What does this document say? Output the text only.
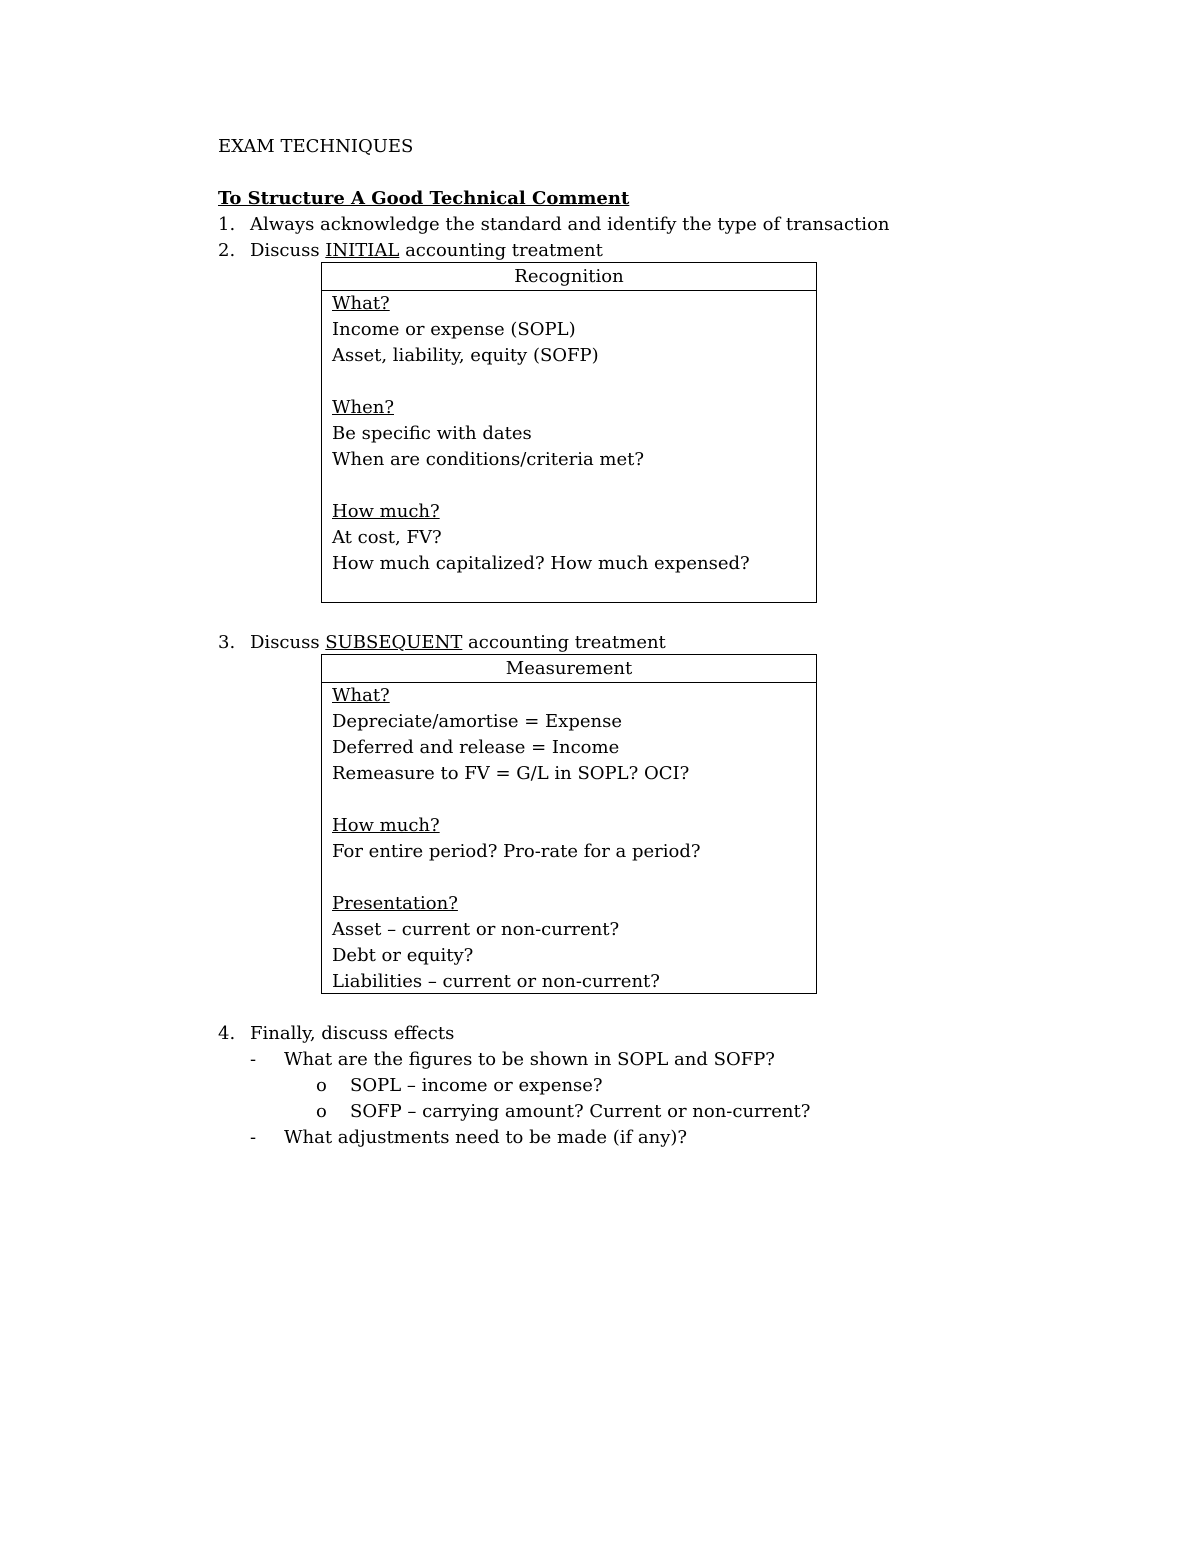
EXAM TECHNIQUES
To Structure A Good Technical Comment
1. Always acknowledge the standard and identify the type of transaction
2. Discuss INITIAL accounting treatment
Recognition
What?
Income or expense (SOPL)
Asset, liability, equity (SOFP)
When?
Be specific with dates
When are conditions/criteria met?
How much?
At cost, FV?
How much capitalized? How much expensed?
3. Discuss SUBSEQUENT accounting treatment
Measurement
What?
Depreciate/amortise = Expense
Deferred and release = Income
Remeasure to FV = G/L in SOPL? OCI?
How much?
For entire period? Pro-rate for a period?
Presentation?
Asset – current or non-current?
Debt or equity?
Liabilities – current or non-current?
4. Finally, discuss effects
-	What are the figures to be shown in SOPL and SOFP?
o	SOPL – income or expense?
o	SOFP – carrying amount? Current or non-current?
-	What adjustments need to be made (if any)?
